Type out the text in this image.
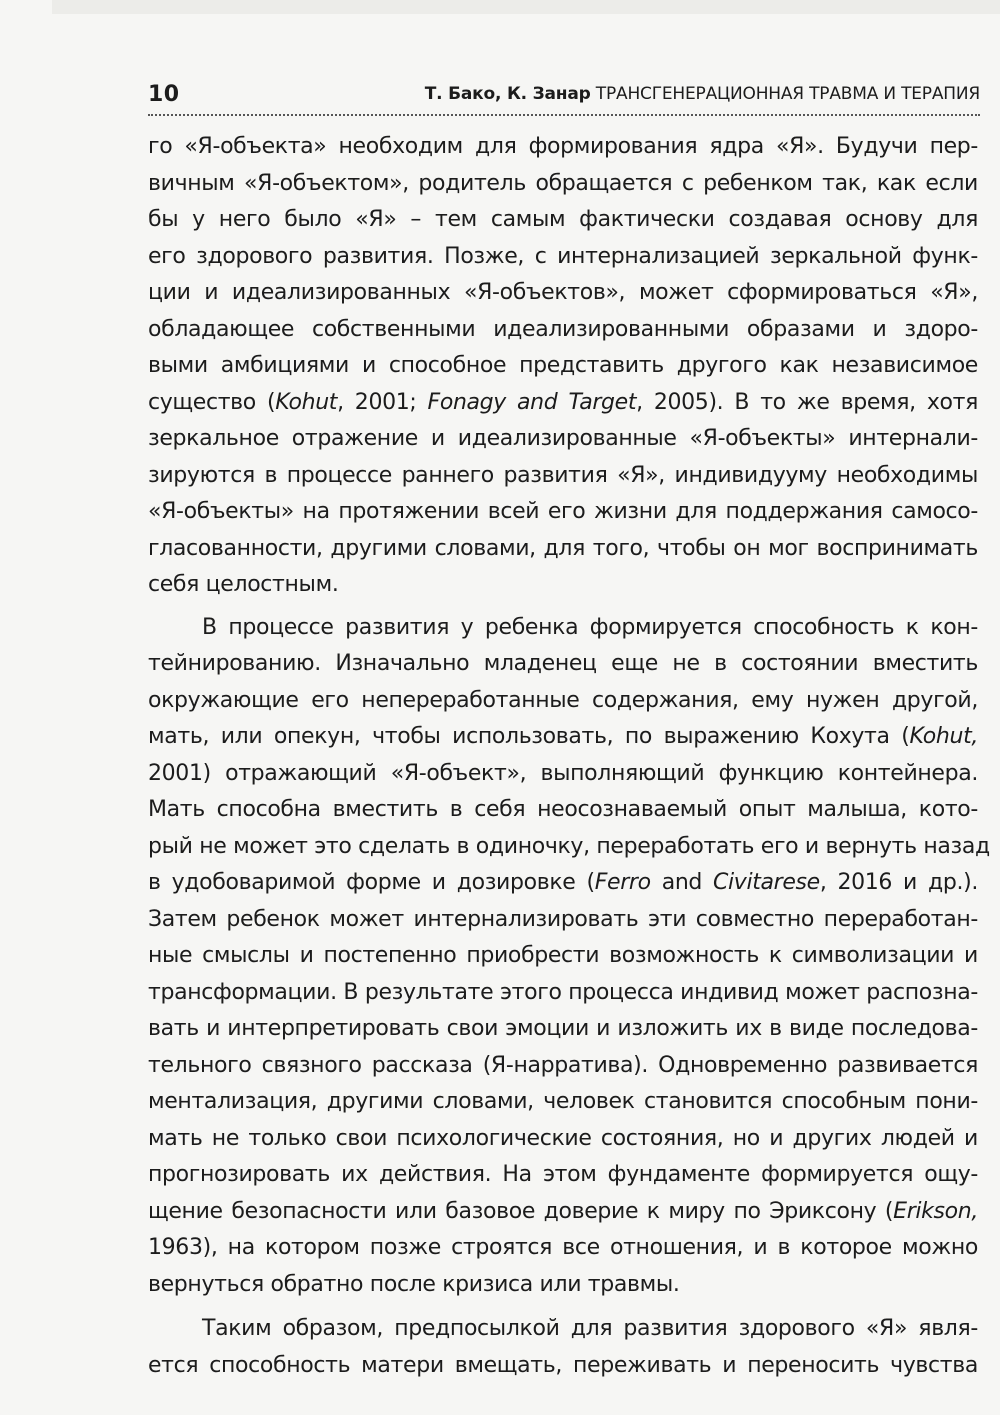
10	Т. Бако, К. Занар ТРАНСГЕНЕРАЦИОННАЯ ТРАВМА И ТЕРАПИЯ
го «Я-объекта» необходим для формирования ядра «Я». Будучи пер-
вичным «Я-объектом», родитель обращается с ребенком так, как если
бы у него было «Я» – тем самым фактически создавая основу для
его здорового развития. Позже, с интернализацией зеркальной функ-
ции и идеализированных «Я-объектов», может сформироваться «Я»,
обладающее собственными идеализированными образами и здоро-
выми амбициями и способное представить другого как независимое
существо (Kohut, 2001; Fonagy and Target, 2005). В то же время, хотя
зеркальное отражение и идеализированные «Я-объекты» интернали-
зируются в процессе раннего развития «Я», индивидууму необходимы
«Я-объекты» на протяжении всей его жизни для поддержания самосо-
гласованности, другими словами, для того, чтобы он мог воспринимать
себя целостным.
В процессе развития у ребенка формируется способность к кон-
тейнированию. Изначально младенец еще не в состоянии вместить
окружающие его непереработанные содержания, ему нужен другой,
мать, или опекун, чтобы использовать, по выражению Кохута (Kohut,
2001) отражающий «Я-объект», выполняющий функцию контейнера.
Мать способна вместить в себя неосознаваемый опыт малыша, кото-
рый не может это сделать в одиночку, переработать его и вернуть назад
в удобоваримой форме и дозировке (Ferro and Civitarese, 2016 и др.).
Затем ребенок может интернализировать эти совместно переработан-
ные смыслы и постепенно приобрести возможность к символизации и
трансформации. В результате этого процесса индивид может распозна-
вать и интерпретировать свои эмоции и изложить их в виде последова-
тельного связного рассказа (Я-нарратива). Одновременно развивается
ментализация, другими словами, человек становится способным пони-
мать не только свои психологические состояния, но и других людей и
прогнозировать их действия. На этом фундаменте формируется ощу-
щение безопасности или базовое доверие к миру по Эриксону (Erikson,
1963), на котором позже строятся все отношения, и в которое можно
вернуться обратно после кризиса или травмы.
Таким образом, предпосылкой для развития здорового «Я» явля-
ется способность матери вмещать, переживать и переносить чувства
